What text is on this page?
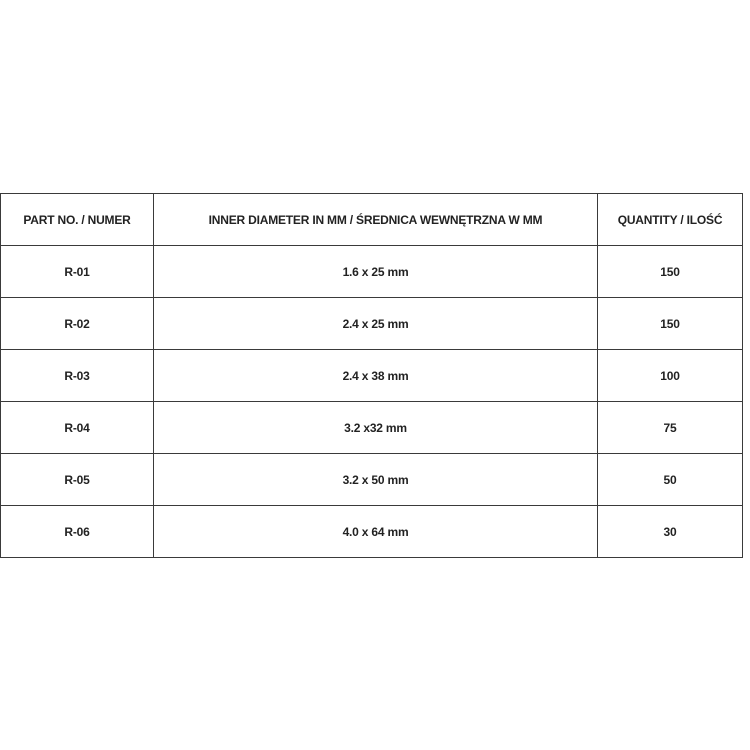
PART NO. / NUMER	INNER DIAMETER IN MM / ŚREDNICA WEWNĘTRZNA W MM	QUANTITY / ILOŚĆ
R-01	1.6 x 25 mm	150
R-02	2.4 x 25 mm	150
R-03	2.4 x 38 mm	100
R-04	3.2 x32 mm	75
R-05	3.2 x 50 mm	50
R-06	4.0 x 64 mm	30
